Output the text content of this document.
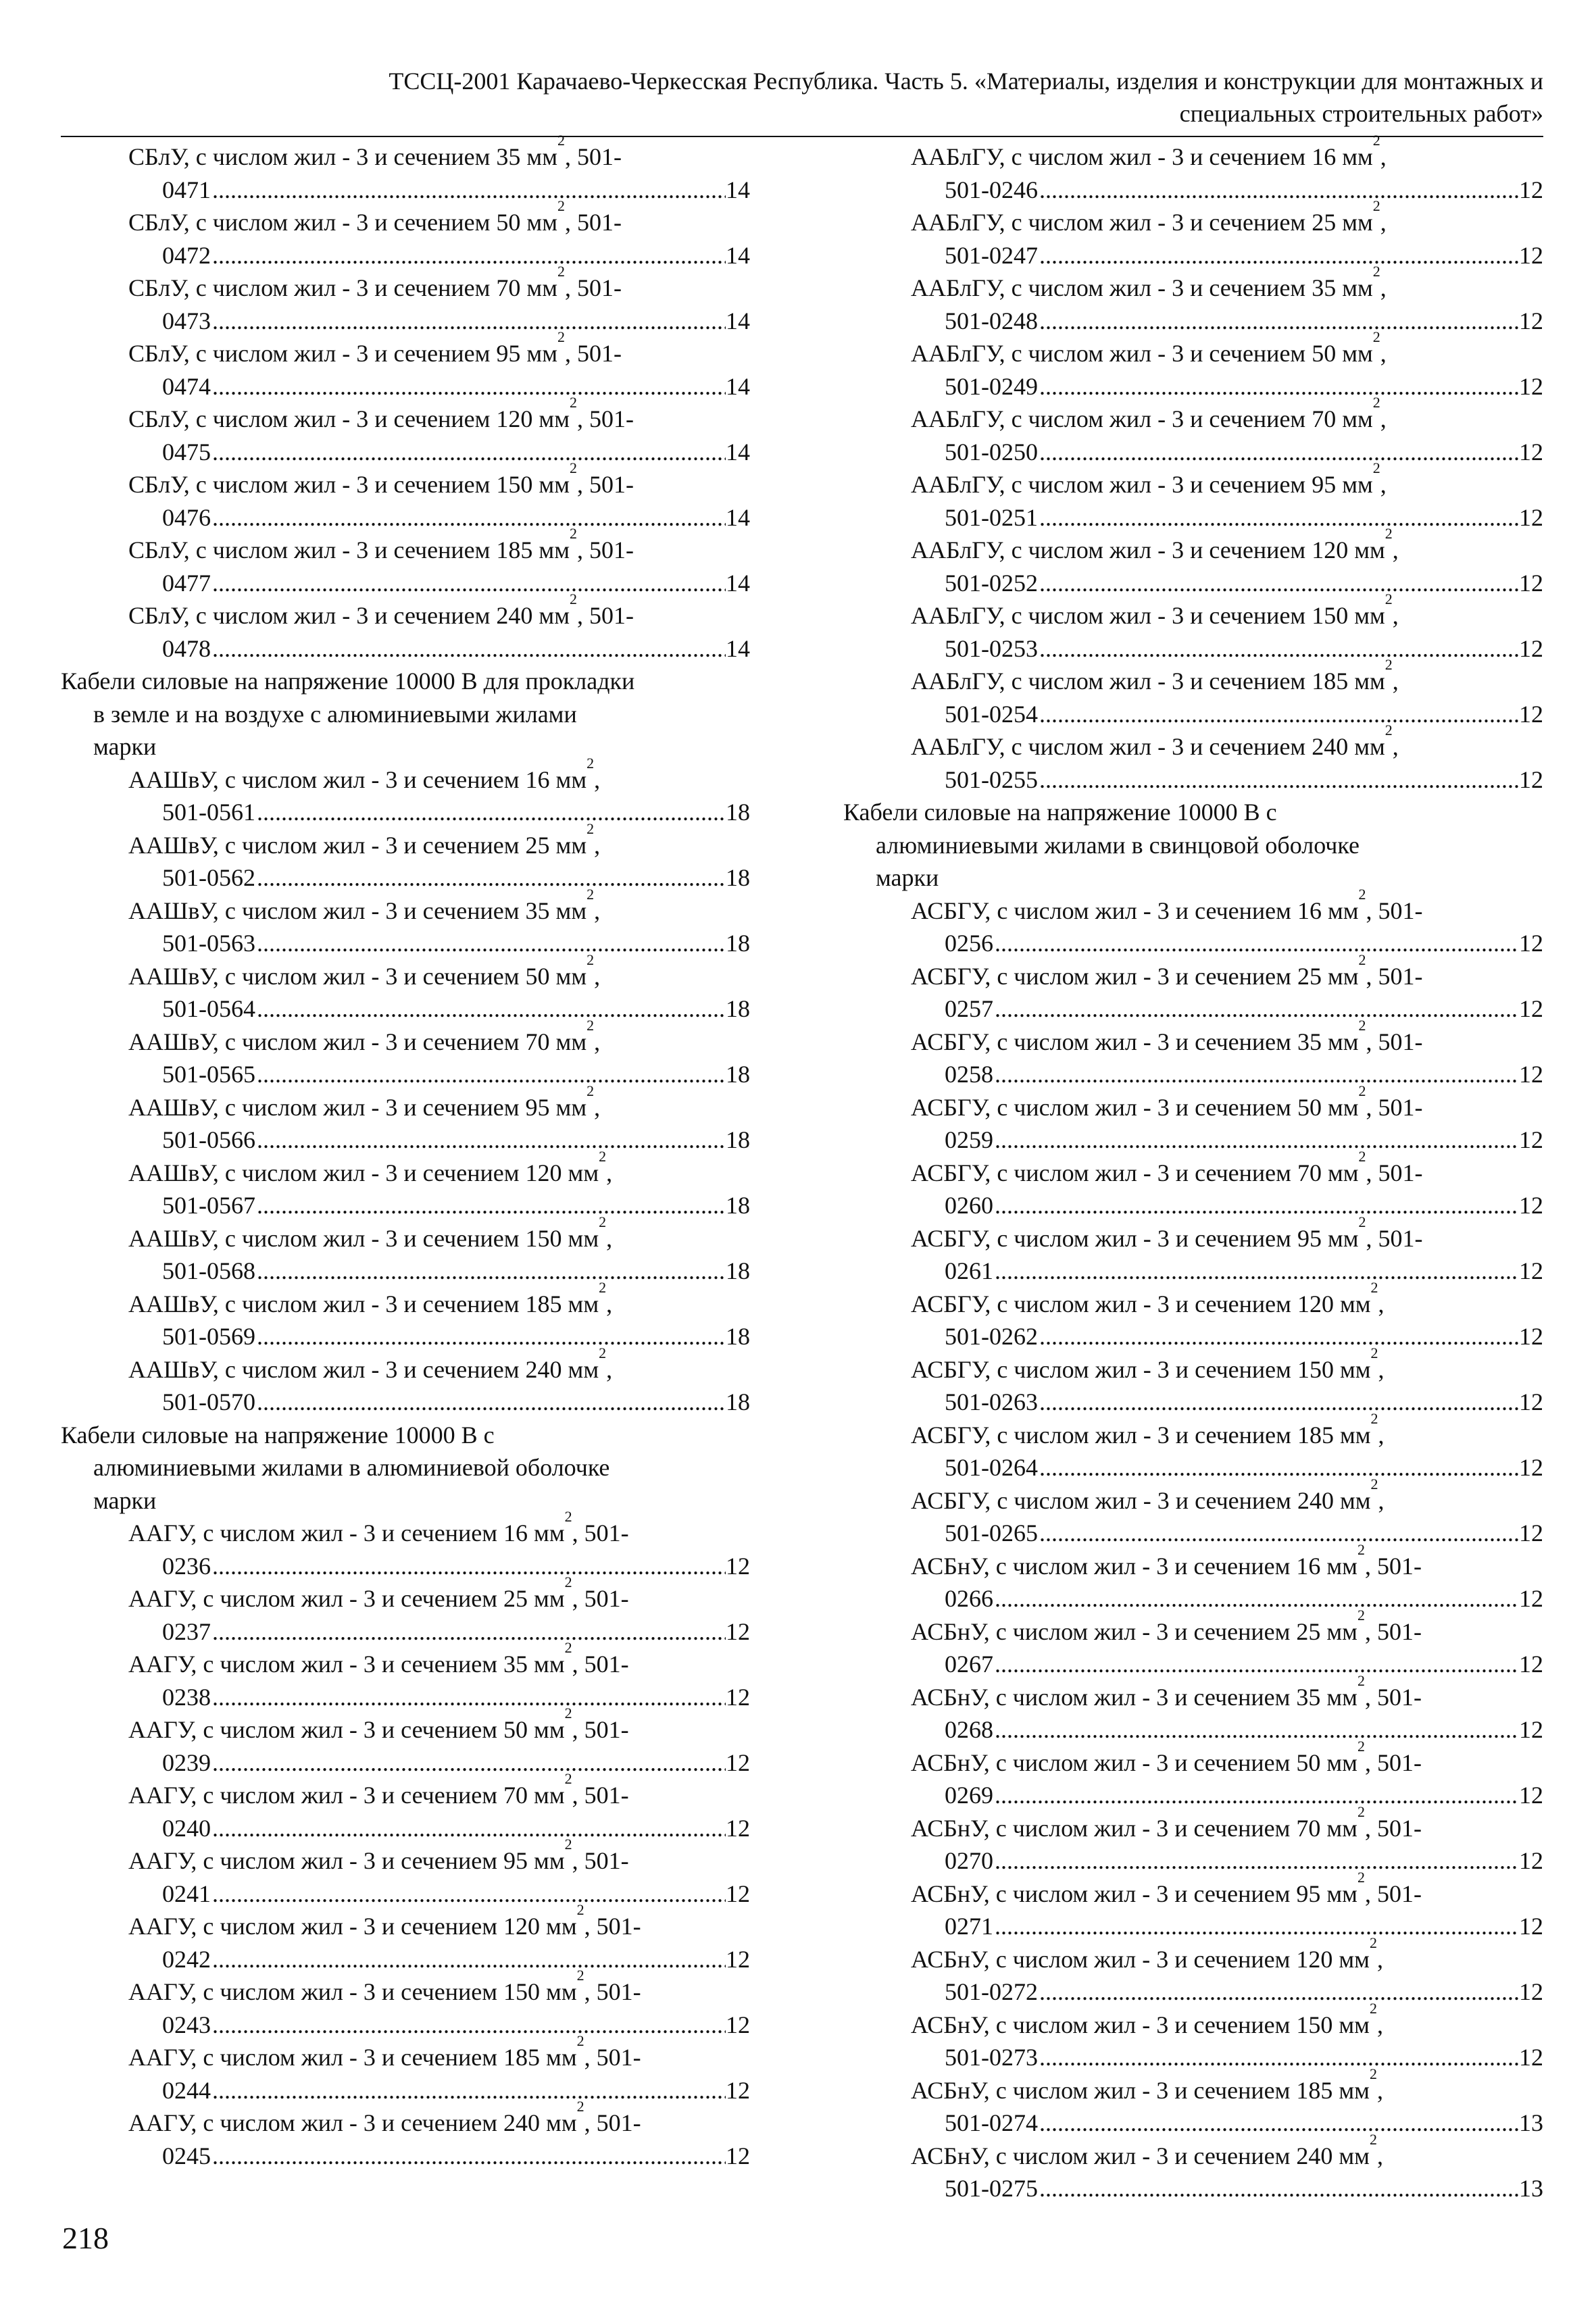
ТССЦ-2001 Карачаево-Черкесская Республика. Часть 5. «Материалы, изделия и конструкции для монтажных и
специальных строительных работ»
СБлУ, с числом жил - 3 и сечением 35 мм
2
, 501-
0471 .....	14
СБлУ, с числом жил - 3 и сечением 50 мм
2
, 501-
0472 .....	14
СБлУ, с числом жил - 3 и сечением 70 мм
2
, 501-
0473 .....	14
СБлУ, с числом жил - 3 и сечением 95 мм
2
, 501-
0474 .....	14
СБлУ, с числом жил - 3 и сечением 120 мм
2
, 501-
0475 .....	14
СБлУ, с числом жил - 3 и сечением 150 мм
2
, 501-
0476 .....	14
СБлУ, с числом жил - 3 и сечением 185 мм
2
, 501-
0477 .....	14
СБлУ, с числом жил - 3 и сечением 240 мм
2
, 501-
0478 .....	14
Кабели силовые на напряжение 10000 В для прокладки
в земле и на воздухе с алюминиевыми жилами
марки
ААШвУ, с числом жил - 3 и сечением 16 мм
2
,
501-0561 .....	18
ААШвУ, с числом жил - 3 и сечением 25 мм
2
,
501-0562 .....	18
ААШвУ, с числом жил - 3 и сечением 35 мм
2
,
501-0563 .....	18
ААШвУ, с числом жил - 3 и сечением 50 мм
2
,
501-0564 .....	18
ААШвУ, с числом жил - 3 и сечением 70 мм
2
,
501-0565 .....	18
ААШвУ, с числом жил - 3 и сечением 95 мм
2
,
501-0566 .....	18
ААШвУ, с числом жил - 3 и сечением 120 мм
2
,
501-0567 .....	18
ААШвУ, с числом жил - 3 и сечением 150 мм
2
,
501-0568 .....	18
ААШвУ, с числом жил - 3 и сечением 185 мм
2
,
501-0569 .....	18
ААШвУ, с числом жил - 3 и сечением 240 мм
2
,
501-0570 .....	18
Кабели силовые на напряжение 10000 В с
алюминиевыми жилами в алюминиевой оболочке
марки
ААГУ, с числом жил - 3 и сечением 16 мм
2
, 501-
0236 .....	12
ААГУ, с числом жил - 3 и сечением 25 мм
2
, 501-
0237 .....	12
ААГУ, с числом жил - 3 и сечением 35 мм
2
, 501-
0238 .....	12
ААГУ, с числом жил - 3 и сечением 50 мм
2
, 501-
0239 .....	12
ААГУ, с числом жил - 3 и сечением 70 мм
2
, 501-
0240 .....	12
ААГУ, с числом жил - 3 и сечением 95 мм
2
, 501-
0241 .....	12
ААГУ, с числом жил - 3 и сечением 120 мм
2
, 501-
0242 .....	12
ААГУ, с числом жил - 3 и сечением 150 мм
2
, 501-
0243 .....	12
ААГУ, с числом жил - 3 и сечением 185 мм
2
, 501-
0244 .....	12
ААГУ, с числом жил - 3 и сечением 240 мм
2
, 501-
0245 .....	12
ААБлГУ, с числом жил - 3 и сечением 16 мм
2
,
501-0246 .....	12
ААБлГУ, с числом жил - 3 и сечением 25 мм
2
,
501-0247 .....	12
ААБлГУ, с числом жил - 3 и сечением 35 мм
2
,
501-0248 .....	12
ААБлГУ, с числом жил - 3 и сечением 50 мм
2
,
501-0249 .....	12
ААБлГУ, с числом жил - 3 и сечением 70 мм
2
,
501-0250 .....	12
ААБлГУ, с числом жил - 3 и сечением 95 мм
2
,
501-0251 .....	12
ААБлГУ, с числом жил - 3 и сечением 120 мм
2
,
501-0252 .....	12
ААБлГУ, с числом жил - 3 и сечением 150 мм
2
,
501-0253 .....	12
ААБлГУ, с числом жил - 3 и сечением 185 мм
2
,
501-0254 .....	12
ААБлГУ, с числом жил - 3 и сечением 240 мм
2
,
501-0255 .....	12
Кабели силовые на напряжение 10000 В с
алюминиевыми жилами в свинцовой оболочке
марки
АСБГУ, с числом жил - 3 и сечением 16 мм
2
, 501-
0256 .....	12
АСБГУ, с числом жил - 3 и сечением 25 мм
2
, 501-
0257 .....	12
АСБГУ, с числом жил - 3 и сечением 35 мм
2
, 501-
0258 .....	12
АСБГУ, с числом жил - 3 и сечением 50 мм
2
, 501-
0259 .....	12
АСБГУ, с числом жил - 3 и сечением 70 мм
2
, 501-
0260 .....	12
АСБГУ, с числом жил - 3 и сечением 95 мм
2
, 501-
0261 .....	12
АСБГУ, с числом жил - 3 и сечением 120 мм
2
,
501-0262 .....	12
АСБГУ, с числом жил - 3 и сечением 150 мм
2
,
501-0263 .....	12
АСБГУ, с числом жил - 3 и сечением 185 мм
2
,
501-0264 .....	12
АСБГУ, с числом жил - 3 и сечением 240 мм
2
,
501-0265 .....	12
АСБнУ, с числом жил - 3 и сечением 16 мм
2
, 501-
0266 .....	12
АСБнУ, с числом жил - 3 и сечением 25 мм
2
, 501-
0267 .....	12
АСБнУ, с числом жил - 3 и сечением 35 мм
2
, 501-
0268 .....	12
АСБнУ, с числом жил - 3 и сечением 50 мм
2
, 501-
0269 .....	12
АСБнУ, с числом жил - 3 и сечением 70 мм
2
, 501-
0270 .....	12
АСБнУ, с числом жил - 3 и сечением 95 мм
2
, 501-
0271 .....	12
АСБнУ, с числом жил - 3 и сечением 120 мм
2
,
501-0272 .....	12
АСБнУ, с числом жил - 3 и сечением 150 мм
2
,
501-0273 .....	12
АСБнУ, с числом жил - 3 и сечением 185 мм
2
,
501-0274 .....	13
АСБнУ, с числом жил - 3 и сечением 240 мм
2
,
501-0275 .....	13
218
